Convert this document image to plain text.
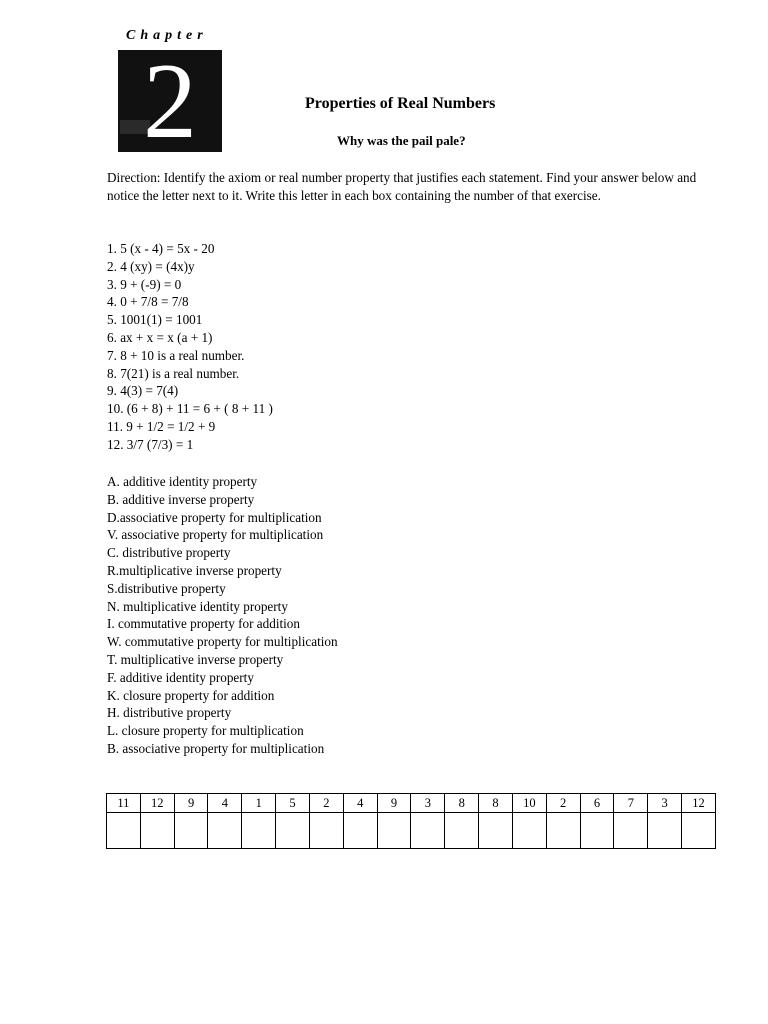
Chapter
2	Properties of Real Numbers
Why was the pail pale?
Direction: Identify the axiom or real number property that justifies each statement. Find your answer below and notice the letter next to it. Write this letter in each box containing the number of that exercise.
1. 5 (x - 4) = 5x - 20
2. 4 (xy) = (4x)y
3. 9 + (-9) = 0
4. 0 + 7/8 = 7/8
5. 1001(1) = 1001
6. ax + x = x (a + 1)
7. 8 + 10 is a real number.
8. 7(21) is a real number.
9. 4(3) = 7(4)
10. (6 + 8) + 11 = 6 + ( 8 + 11 )
11. 9 + 1/2 = 1/2 + 9
12. 3/7 (7/3) = 1
A. additive identity property
B. additive inverse property
D.associative property for multiplication
V. associative property for multiplication
C. distributive property
R.multiplicative inverse property
S.distributive property
N. multiplicative identity property
I. commutative property for addition
W. commutative property for multiplication
T. multiplicative inverse property
F. additive identity property
K. closure property for addition
H. distributive property
L. closure property for multiplication
B. associative property for multiplication
11	12	9	4	1	5	2	4	9	3	8	8	10	2	6	7	3	12
